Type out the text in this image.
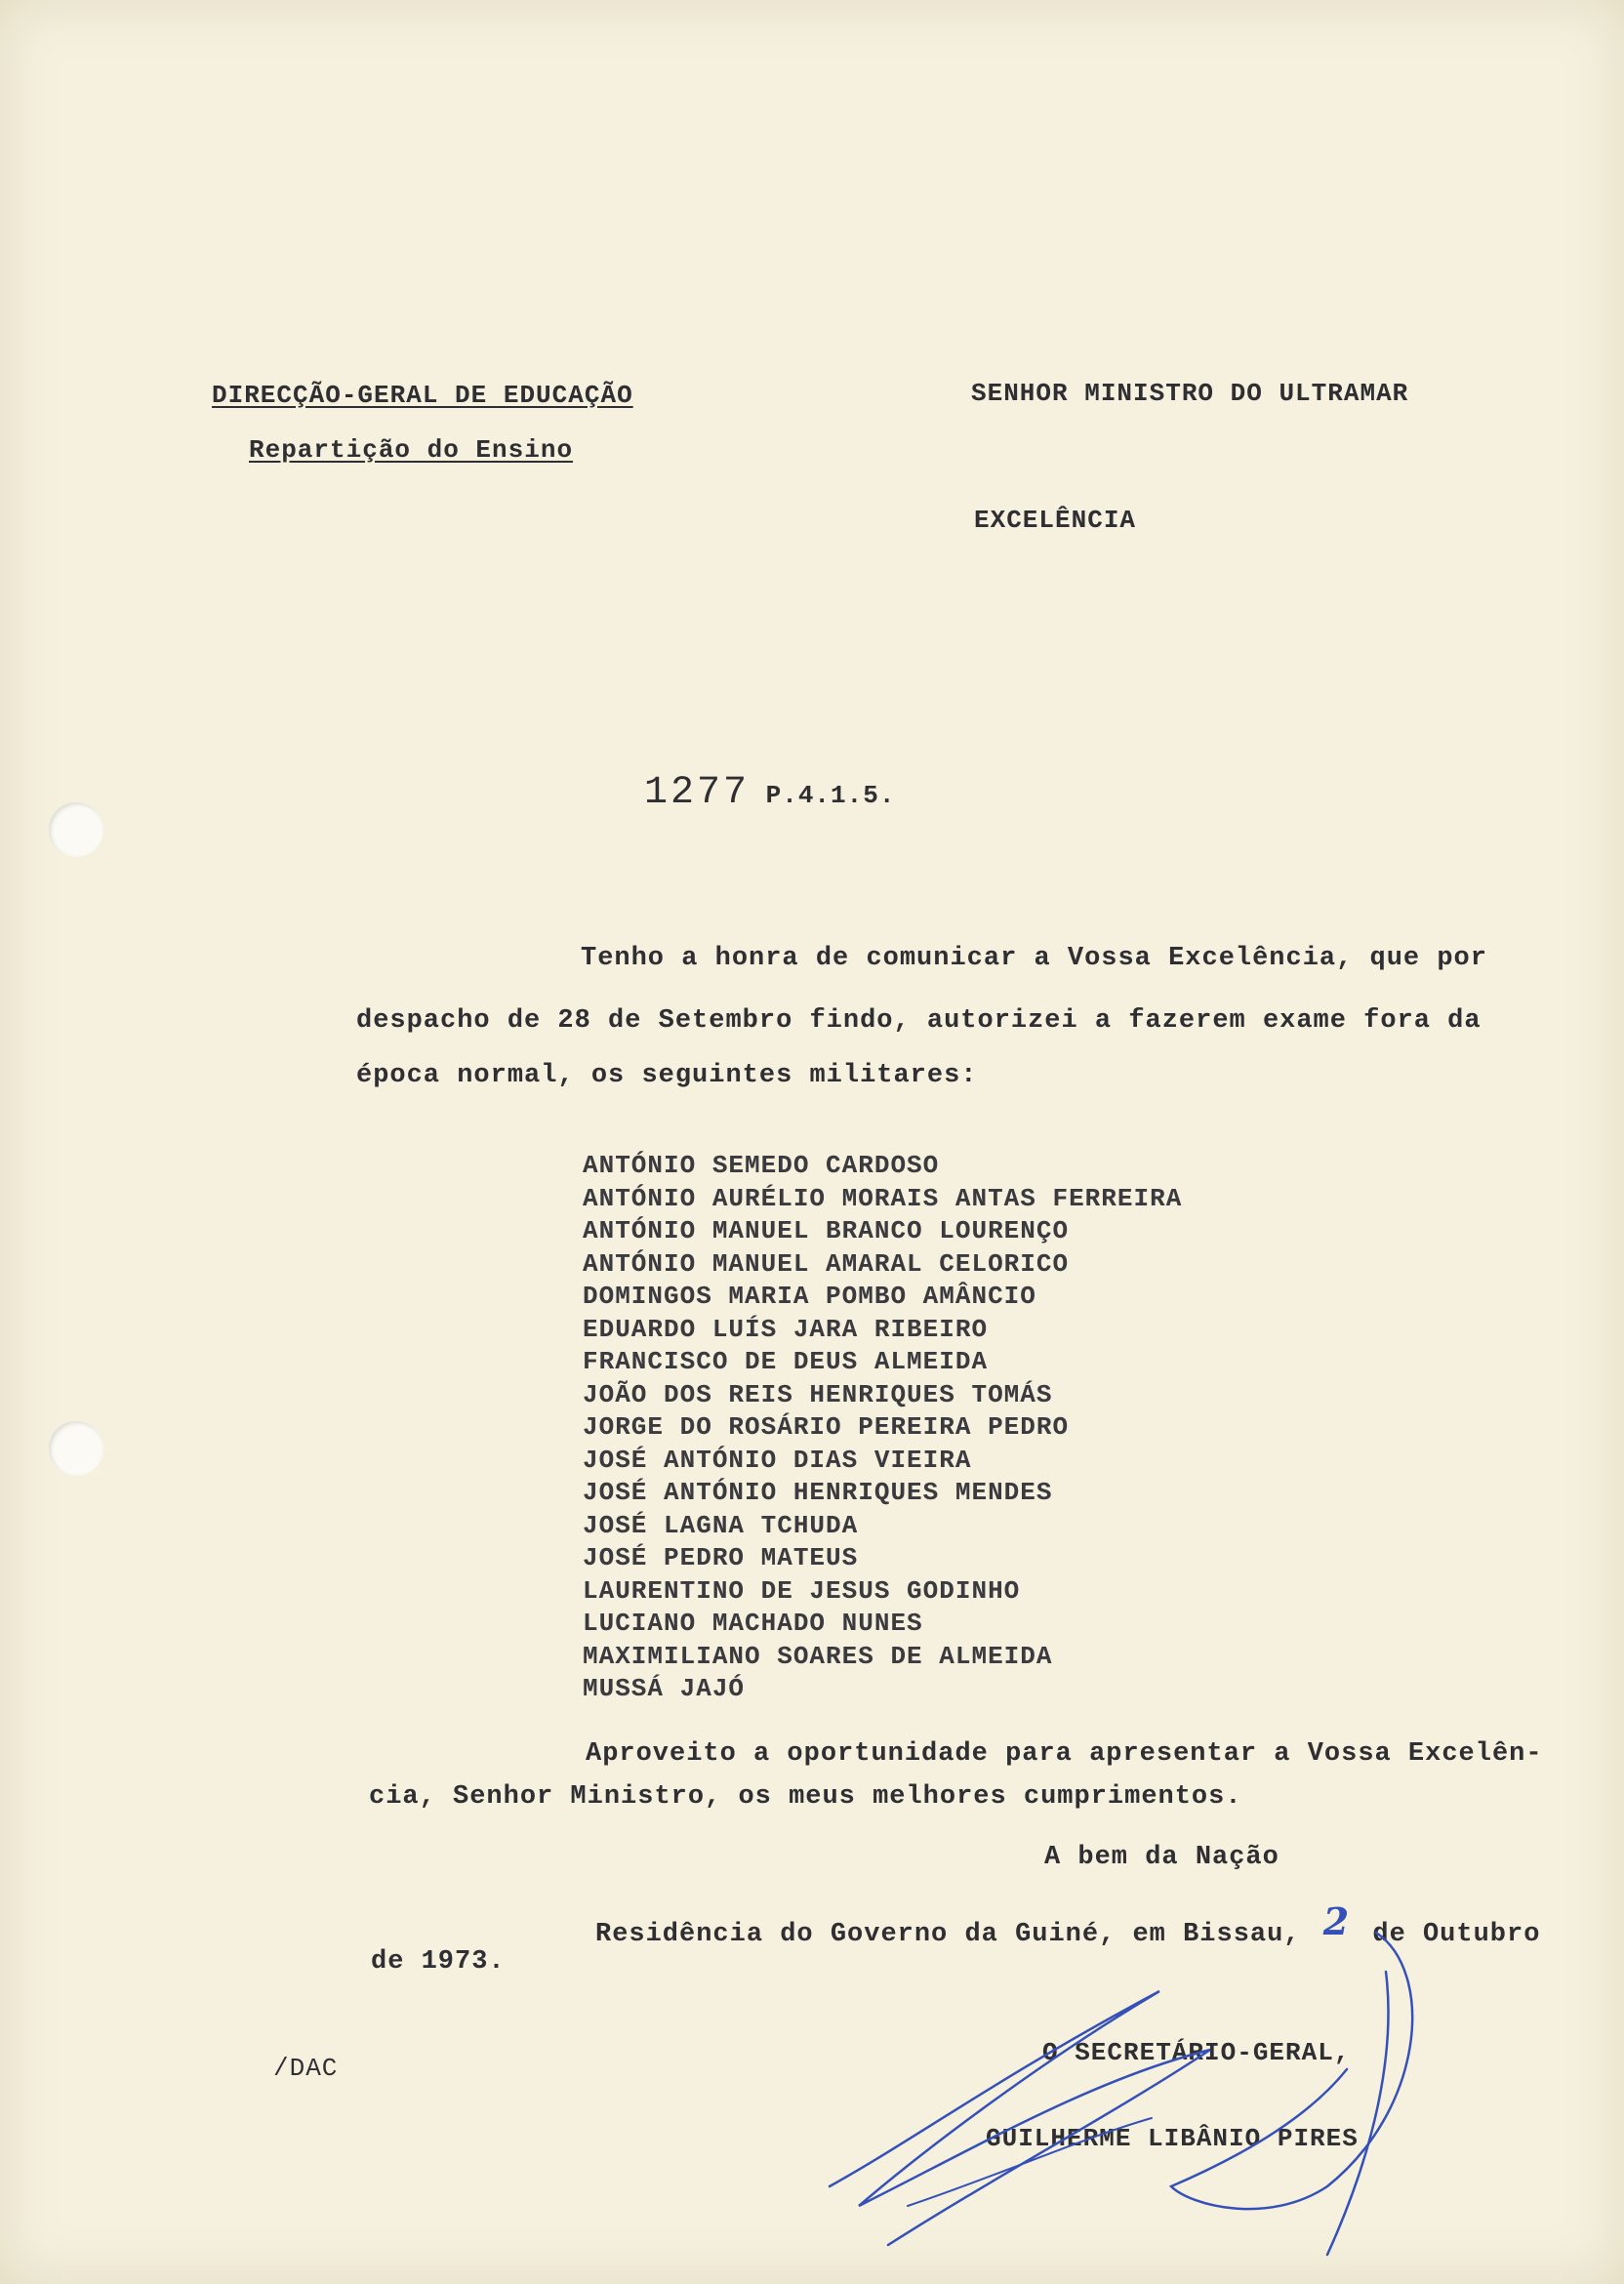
DIRECÇÃO-GERAL DE EDUCAÇÃO
Repartição do Ensino
SENHOR MINISTRO DO ULTRAMAR
EXCELÊNCIA
1277 P.4.1.5.
Tenho a honra de comunicar a Vossa Excelência, que por
despacho de 28 de Setembro findo, autorizei a fazerem exame fora da
época normal, os seguintes militares:
ANTÓNIO SEMEDO CARDOSO
ANTÓNIO AURÉLIO MORAIS ANTAS FERREIRA
ANTÓNIO MANUEL BRANCO LOURENÇO
ANTÓNIO MANUEL AMARAL CELORICO
DOMINGOS MARIA POMBO AMÂNCIO
EDUARDO LUÍS JARA RIBEIRO
FRANCISCO DE DEUS ALMEIDA
JOÃO DOS REIS HENRIQUES TOMÁS
JORGE DO ROSÁRIO PEREIRA PEDRO
JOSÉ ANTÓNIO DIAS VIEIRA
JOSÉ ANTÓNIO HENRIQUES MENDES
JOSÉ LAGNA TCHUDA
JOSÉ PEDRO MATEUS
LAURENTINO DE JESUS GODINHO
LUCIANO MACHADO NUNES
MAXIMILIANO SOARES DE ALMEIDA
MUSSÁ JAJÓ
Aproveito a oportunidade para apresentar a Vossa Excelên-
cia, Senhor Ministro, os meus melhores cumprimentos.
A bem da Nação
Residência do Governo da Guiné, em Bissau, 2 de Outubro
de 1973.
/DAC
O SECRETÁRIO-GERAL,
GUILHERME LIBÂNIO PIRES
